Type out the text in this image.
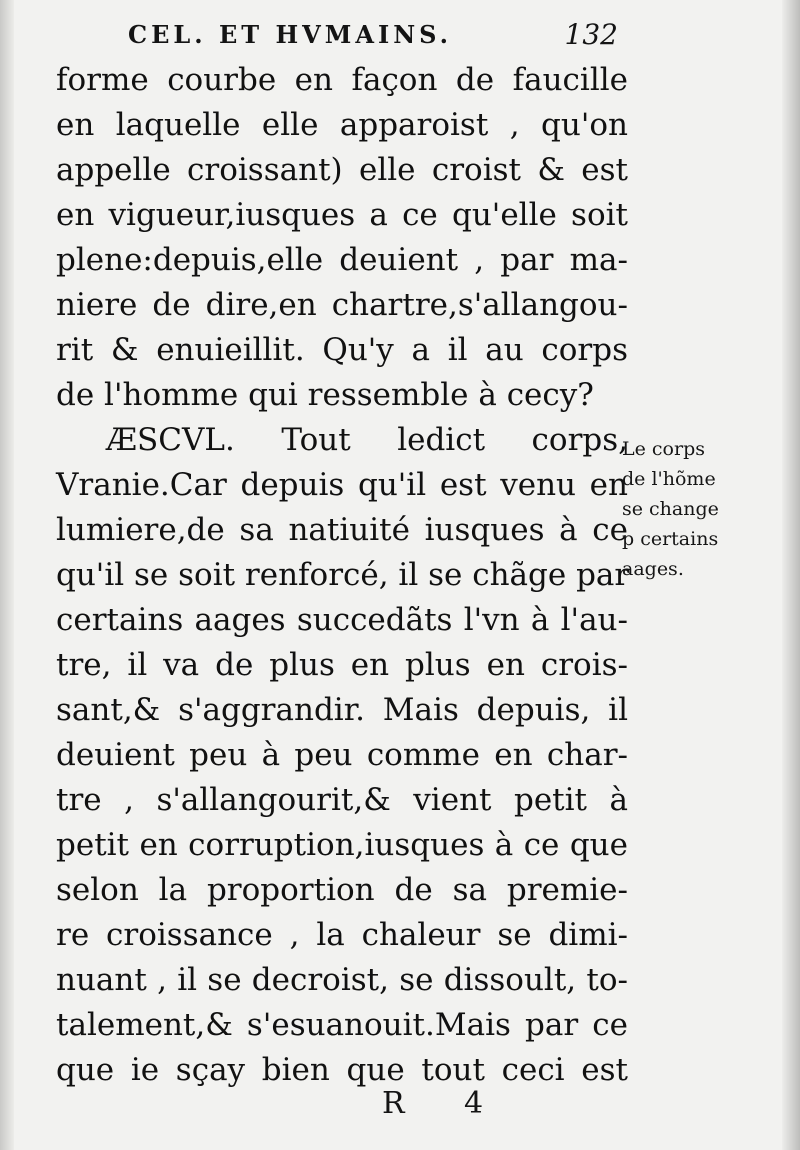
CEL. ET HVMAINS.	132
forme courbe en façon de faucille
en laquelle elle apparoist , qu'on
appelle croissant) elle croist & est
en vigueur,iusques a ce qu'elle soit
plene:depuis,elle deuient , par ma-
niere de dire,en chartre,s'allangou-
rit & enuieillit. Qu'y a il au corps
de l'homme qui ressemble à cecy?
ÆSCVL. Tout ledict corps,
Vranie.Car depuis qu'il est venu en
lumiere,de sa natiuité iusques à ce
qu'il se soit renforcé, il se chãge par
certains aages succedãts l'vn à l'au-
tre, il va de plus en plus en crois-
sant,& s'aggrandir. Mais depuis, il
deuient peu à peu comme en char-
tre , s'allangourit,& vient petit à
petit en corruption,iusques à ce que
selon la proportion de sa premie-
re croissance , la chaleur se dimi-
nuant , il se decroist, se dissoult, to-
talement,& s'esuanouit.Mais par ce
que ie sçay bien que tout ceci est
Le corps
de l'hõme
se change
p certains
aages.
R 4
